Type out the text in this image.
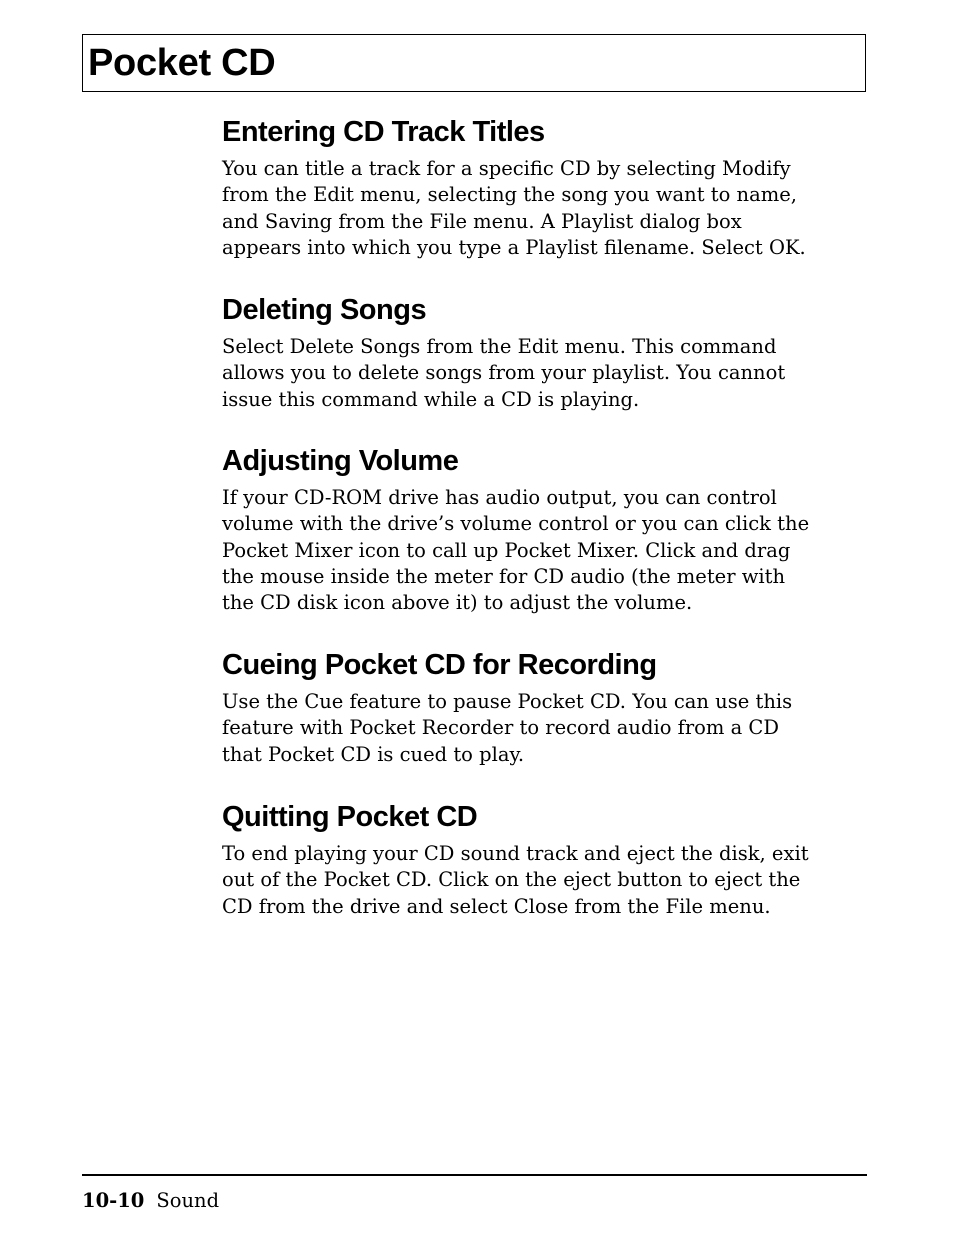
Pocket CD
Entering CD Track Titles

You can title a track for a specific CD by selecting Modify
from the Edit menu, selecting the song you want to name,
and Saving from the File menu. A Playlist dialog box
appears into which you type a Playlist filename. Select OK.

Deleting Songs

Select Delete Songs from the Edit menu. This command
allows you to delete songs from your playlist. You cannot
issue this command while a CD is playing.

Adjusting Volume

If your CD-ROM drive has audio output, you can control
volume with the drive’s volume control or you can click the
Pocket Mixer icon to call up Pocket Mixer. Click and drag
the mouse inside the meter for CD audio (the meter with
the CD disk icon above it) to adjust the volume.

Cueing Pocket CD for Recording

Use the Cue feature to pause Pocket CD. You can use this
feature with Pocket Recorder to record audio from a CD
that Pocket CD is cued to play.

Quitting Pocket CD

To end playing your CD sound track and eject the disk, exit
out of the Pocket CD. Click on the eject button to eject the
CD from the drive and select Close from the File menu.

10-10 Sound
